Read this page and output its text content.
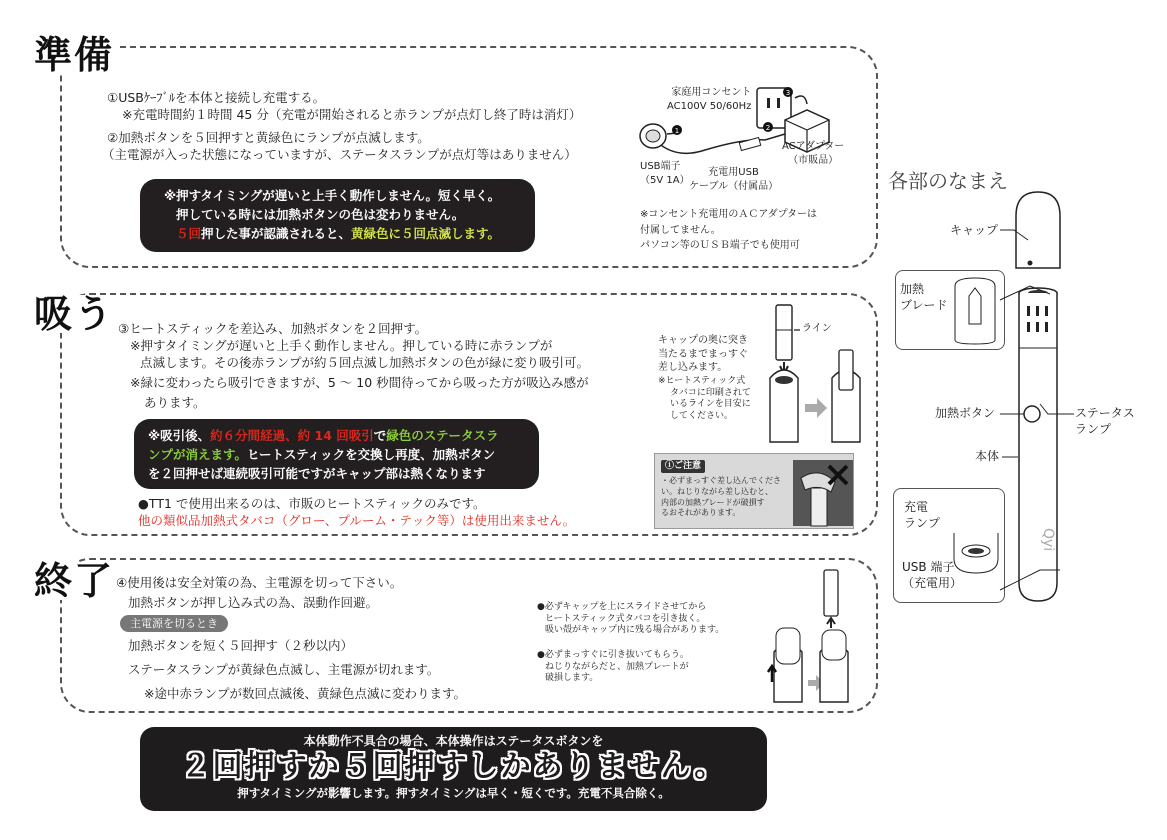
準備
①USBｹｰﾌﾞﾙを本体と接続し充電する。
※充電時間約１時間 45 分（充電が開始されると赤ランプが点灯し終了時は消灯）
②加熱ボタンを５回押すと黄緑色にランプが点滅します。
（主電源が入った状態になっていますが、ステータスランプが点灯等はありません）
※押すタイミングが遅いと上手く動作しません。短く早く。
押している時には加熱ボタンの色は変わりません。
５回押した事が認識されると、黄緑色に５回点滅します。
家庭用コンセント
AC100V 50/60Hz
3
2
1
USB端子
（5V 1A）
充電用USB
ケーブル（付属品）
ACアダプター
（市販品）
※コンセント充電用のＡＣアダプターは
付属してません。
パソコン等のＵＳＢ端子でも使用可
吸う ③ヒートスティックを差込み、加熱ボタンを２回押す。
※押すタイミングが遅いと上手く動作しません。押している時に赤ランプが
点滅します。その後赤ランプが約５回点滅し加熱ボタンの色が緑に変り吸引可。
※緑に変わったら吸引できますが、5 ～ 10 秒間待ってから吸った方が吸込み感が
あります。
※吸引後、約６分間経過、約 14 回吸引で緑色のステータスラ
ンプが消えます。ヒートスティックを交換し再度、加熱ボタン
を２回押せば連続吸引可能ですがキャップ部は熱くなります
●TT1 で使用出来るのは、市販のヒートスティックのみです。
他の類似品加熱式タバコ（グロー、プルーム・テック等）は使用出来ません。
キャップの奥に突き
当たるまでまっすぐ
差し込みます。
※ヒートスティック式
タバコに印刷されて
いるラインを目安に
してください。
ライン
ⓘご注意
・必ずまっすぐ差し込んでくださ
い。ねじりながら差し込むと、
内部の加熱ブレードが破損す
るおそれがあります。
終了 ④使用後は安全対策の為、主電源を切って下さい。
加熱ボタンが押し込み式の為、誤動作回避。
主電源を切るとき
加熱ボタンを短く５回押す（２秒以内）
ステータスランプが黄緑色点滅し、主電源が切れます。
※途中赤ランプが数回点滅後、黄緑色点滅に変わります。
●必ずキャップを上にスライドさせてから
ヒートスティック式タバコを引き抜く。
吸い殻がキャップ内に残る場合があります。
●必ずまっすぐに引き抜いてもらう。
ねじりながらだと、加熱プレートが
破損します。
各部のなまえ
Qyi
キャップ
加熱
ブレード
加熱ボタン	ステータス
ランプ
本体
充電
ランプ
USB 端子
（充電用）
本体動作不具合の場合、本体操作はステータスボタンを
２回押すか５回押すしかありません。
押すタイミングが影響します。押すタイミングは早く・短くです。充電不具合除く。
